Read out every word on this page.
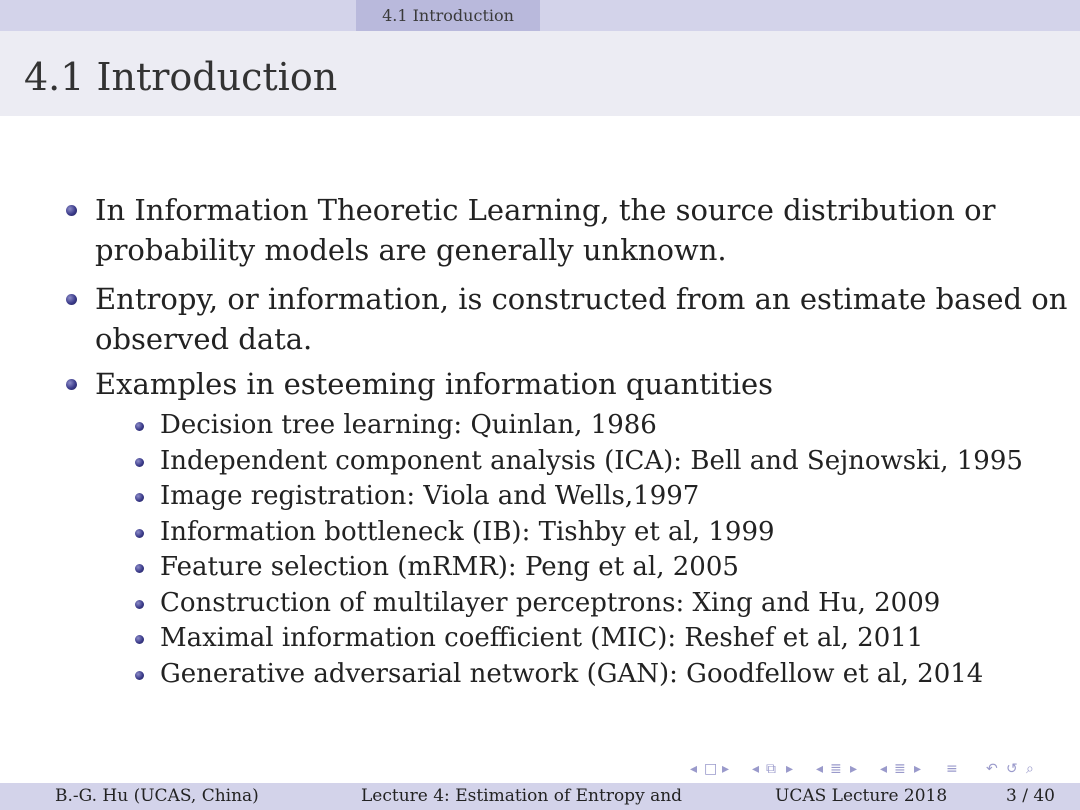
4.1 Introduction
4.1 Introduction
In Information Theoretic Learning, the source distribution or
probability models are generally unknown.
Entropy, or information, is constructed from an estimate based on
observed data.
Examples in esteeming information quantities
Decision tree learning: Quinlan, 1986
Independent component analysis (ICA): Bell and Sejnowski, 1995
Image registration: Viola and Wells,1997
Information bottleneck (IB): Tishby et al, 1999
Feature selection (mRMR): Peng et al, 2005
Construction of multilayer perceptrons: Xing and Hu, 2009
Maximal information coefficient (MIC): Reshef et al, 2011
Generative adversarial network (GAN): Goodfellow et al, 2014
◂ □ ▸ ◂ ⧉ ▸ ◂ ≣ ▸ ◂ ≣ ▸ ≡ ↶ ↺ ⌕
B.-G. Hu (UCAS, China)	Lecture 4: Estimation of Entropy and	UCAS Lecture 2018	3 / 40
